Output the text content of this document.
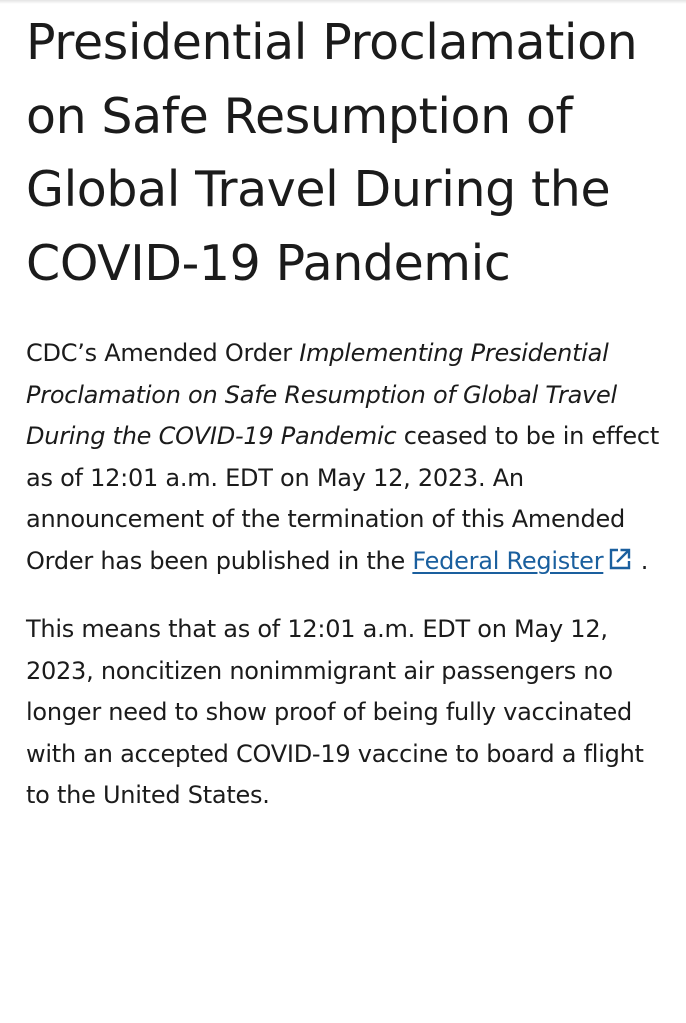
Presidential Proclamation on Safe Resumption of Global Travel During the COVID-19 Pandemic

CDC’s Amended Order Implementing Presidential Proclamation on Safe Resumption of Global Travel During the COVID-19 Pandemic ceased to be in effect as of 12:01 a.m. EDT on May 12, 2023. An announcement of the termination of this Amended Order has been published in the Federal Register .

This means that as of 12:01 a.m. EDT on May 12, 2023, noncitizen nonimmigrant air passengers no longer need to show proof of being fully vaccinated with an accepted COVID-19 vaccine to board a flight to the United States.
